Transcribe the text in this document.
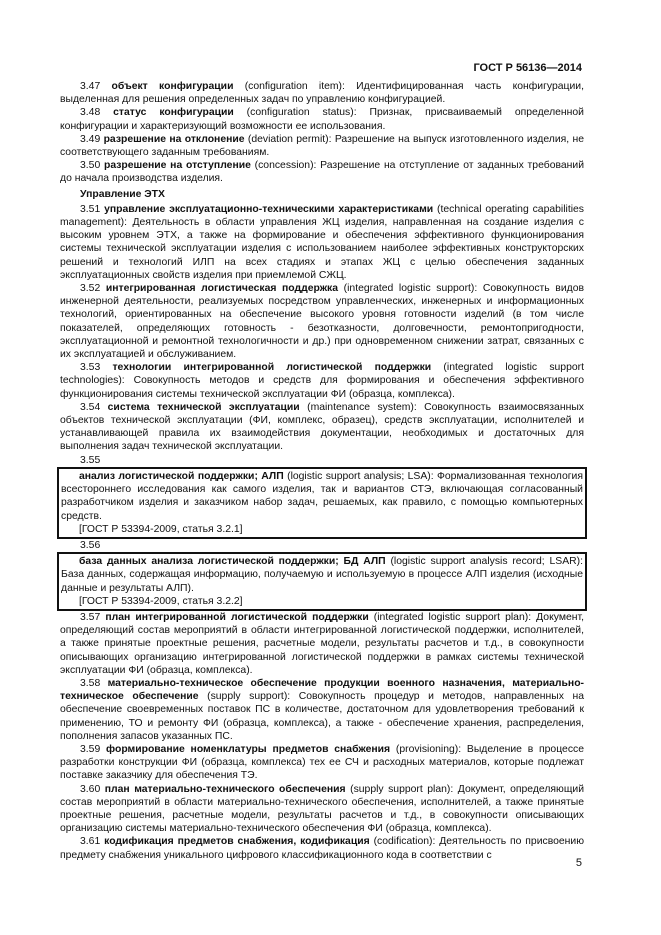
ГОСТ Р 56136—2014

3.47 объект конфигурации (configuration item): Идентифицированная часть конфигурации, выделенная для решения определенных задач по управлению конфигурацией.

3.48 статус конфигурации (configuration status): Признак, присваиваемый определенной конфигурации и характеризующий возможности ее использования.

3.49 разрешение на отклонение (deviation permit): Разрешение на выпуск изготовленного изделия, не соответствующего заданным требованиям.

3.50 разрешение на отступление (concession): Разрешение на отступление от заданных требований до начала производства изделия.

Управление ЭТХ

3.51 управление эксплуатационно-техническими характеристиками (technical operating capabilities management): Деятельность в области управления ЖЦ изделия, направленная на создание изделия с высоким уровнем ЭТХ, а также на формирование и обеспечения эффективного функционирования системы технической эксплуатации изделия с использованием наиболее эффективных конструкторских решений и технологий ИЛП на всех стадиях и этапах ЖЦ с целью обеспечения заданных эксплуатационных свойств изделия при приемлемой СЖЦ.

3.52 интегрированная логистическая поддержка (integrated logistic support): Совокупность видов инженерной деятельности, реализуемых посредством управленческих, инженерных и информационных технологий, ориентированных на обеспечение высокого уровня готовности изделий (в том числе показателей, определяющих готовность - безотказности, долговечности, ремонтопригодности, эксплуатационной и ремонтной технологичности и др.) при одновременном снижении затрат, связанных с их эксплуатацией и обслуживанием.

3.53 технологии интегрированной логистической поддержки (integrated logistic support technologies): Совокупность методов и средств для формирования и обеспечения эффективного функционирования системы технической эксплуатации ФИ (образца, комплекса).

3.54 система технической эксплуатации (maintenance system): Совокупность взаимосвязанных объектов технической эксплуатации (ФИ, комплекс, образец), средств эксплуатации, исполнителей и устанавливающей правила их взаимодействия документации, необходимых и достаточных для выполнения задач технической эксплуатации.

3.55

анализ логистической поддержки; АЛП (logistic support analysis; LSA): Формализованная технология всестороннего исследования как самого изделия, так и вариантов СТЭ, включающая согласованный разработчиком изделия и заказчиком набор задач, решаемых, как правило, с помощью компьютерных средств.

[ГОСТ Р 53394-2009, статья 3.2.1]

3.56

база данных анализа логистической поддержки; БД АЛП (logistic support analysis record; LSAR): База данных, содержащая информацию, получаемую и используемую в процессе АЛП изделия (исходные данные и результаты АЛП).

[ГОСТ Р 53394-2009, статья 3.2.2]

3.57 план интегрированной логистической поддержки (integrated logistic support plan): Документ, определяющий состав мероприятий в области интегрированной логистической поддержки, исполнителей, а также принятые проектные решения, расчетные модели, результаты расчетов и т.д., в совокупности описывающих организацию интегрированной логистической поддержки в рамках системы технической эксплуатации ФИ (образца, комплекса).

3.58 материально-техническое обеспечение продукции военного назначения, материально-техническое обеспечение (supply support): Совокупность процедур и методов, направленных на обеспечение своевременных поставок ПС в количестве, достаточном для удовлетворения требований к применению, ТО и ремонту ФИ (образца, комплекса), а также - обеспечение хранения, распределения, пополнения запасов указанных ПС.

3.59 формирование номенклатуры предметов снабжения (provisioning): Выделение в процессе разработки конструкции ФИ (образца, комплекса) тех ее СЧ и расходных материалов, которые подлежат поставке заказчику для обеспечения ТЭ.

3.60 план материально-технического обеспечения (supply support plan): Документ, определяющий состав мероприятий в области материально-технического обеспечения, исполнителей, а также принятые проектные решения, расчетные модели, результаты расчетов и т.д., в совокупности описывающих организацию системы материально-технического обеспечения ФИ (образца, комплекса).

3.61 кодификация предметов снабжения, кодификация (codification): Деятельность по присвоению предмету снабжения уникального цифрового классификационного кода в соответствии с

5
